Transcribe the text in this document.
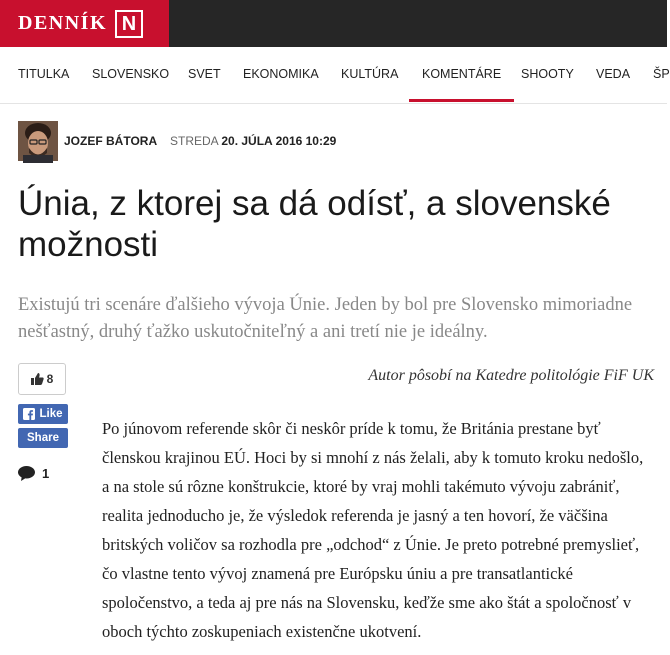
DENNÍK N
TITULKA SLOVENSKO SVET EKONOMIKA KULTÚRA	KOMENTÁRE	SHOOTY VEDA ŠP
JOZEF BÁTORA STREDA 20. JÚLA 2016 10:29
Únia, z ktorej sa dá odísť, a slovenské možnosti

Existujú tri scenáre ďalšieho vývoja Únie. Jeden by bol pre Slovensko mimoriadne nešťastný, druhý ťažko uskutočniteľný a ani tretí nie je ideálny.

8
Like
Share
1
Autor pôsobí na Katedre politológie FiF UK

Po júnovom referende skôr či neskôr príde k tomu, že Británia prestane byť členskou krajinou EÚ. Hoci by si mnohí z nás želali, aby k tomuto kroku nedošlo, a na stole sú rôzne konštrukcie, ktoré by vraj mohli takémuto vývoju zabrániť, realita jednoducho je, že výsledok referenda je jasný a ten hovorí, že väčšina britských voličov sa rozhodla pre „odchod“ z Únie. Je preto potrebné premyslieť, čo vlastne tento vývoj znamená pre Európsku úniu a pre transatlantické spoločenstvo, a teda aj pre nás na Slovensku, keďže sme ako štát a spoločnosť v oboch týchto zoskupeniach existenčne ukotvení.
